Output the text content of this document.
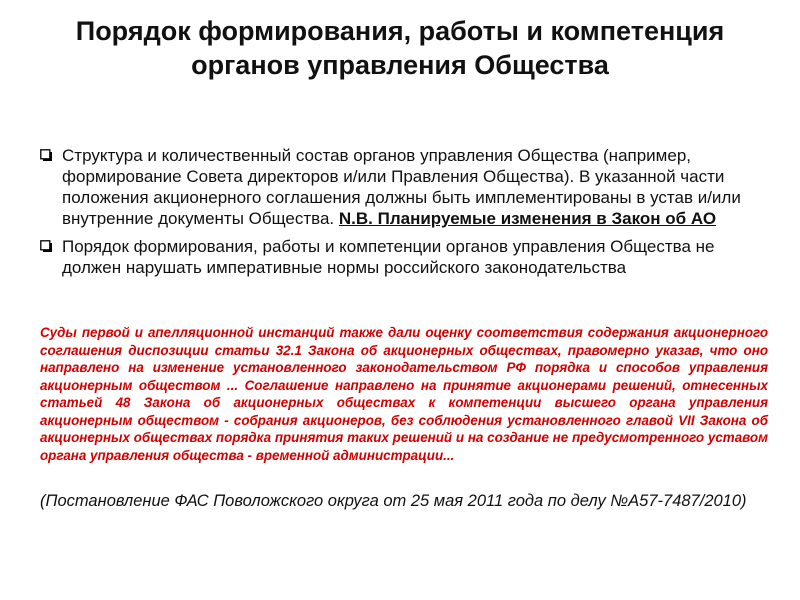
Порядок формирования, работы и компетенция органов управления Общества
Структура и количественный состав органов управления Общества (например, формирование Совета директоров и/или Правления Общества). В указанной части положения акционерного соглашения должны быть имплементированы в устав и/или внутренние документы Общества. N.B. Планируемые изменения в Закон об АО
Порядок формирования, работы и компетенции органов управления Общества не должен нарушать императивные нормы российского законодательства
Суды первой и апелляционной инстанций также дали оценку соответствия содержания акционерного соглашения диспозиции статьи 32.1 Закона об акционерных обществах, правомерно указав, что оно направлено на изменение установленного законодательством РФ порядка и способов управления акционерным обществом ... Соглашение направлено на принятие акционерами решений, отнесенных статьей 48 Закона об акционерных обществах к компетенции высшего органа управления акционерным обществом - собрания акционеров, без соблюдения установленного главой VII Закона об акционерных обществах порядка принятия таких решений и на создание не предусмотренного уставом органа управления общества - временной администрации...
(Постановление ФАС Поволожского округа от 25 мая 2011 года по делу №А57-7487/2010)
